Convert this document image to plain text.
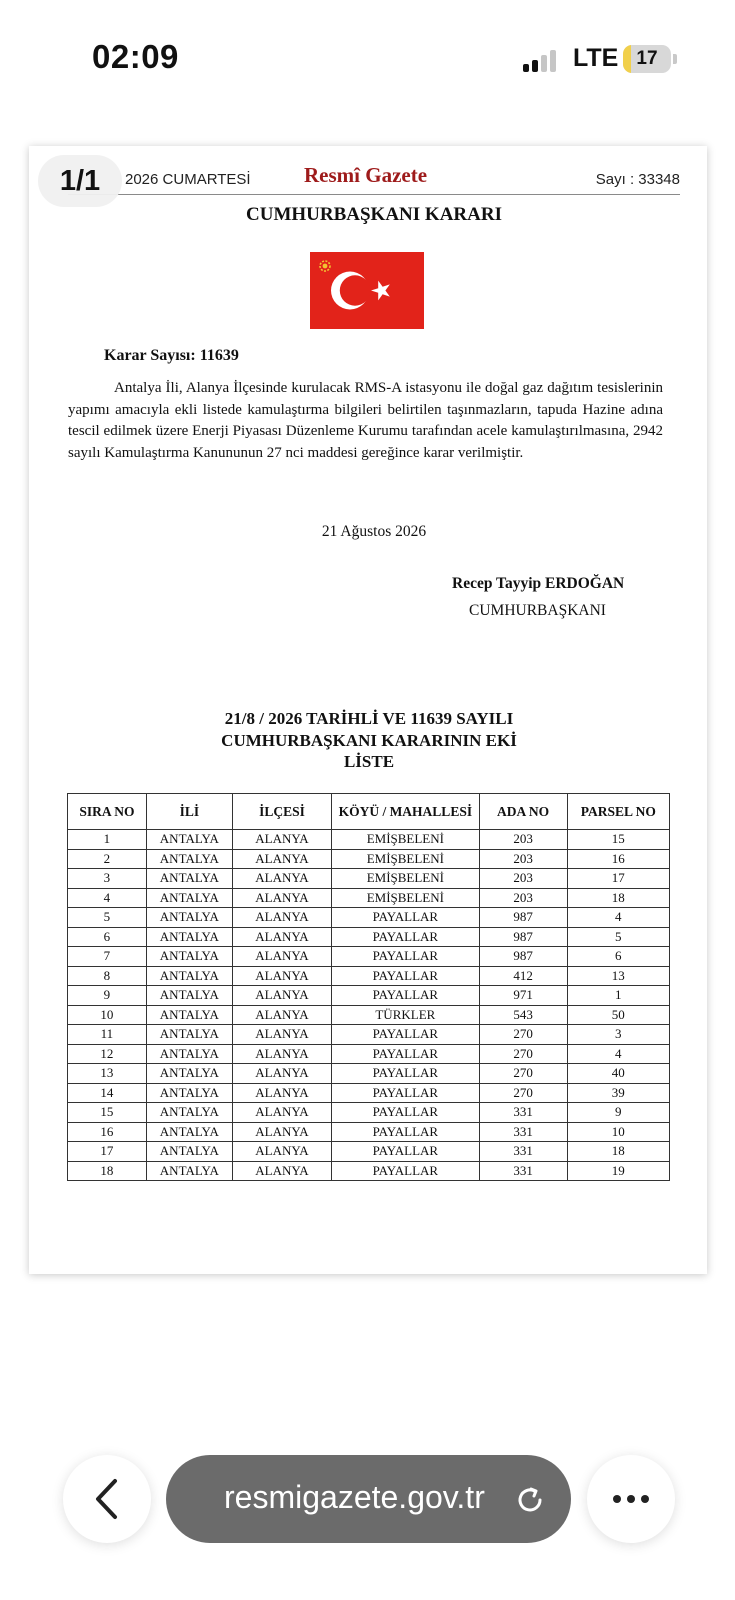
02:09	LTE 17
1/1	2026 CUMARTESİ	Resmî Gazete	Sayı : 33348
CUMHURBAŞKANI KARARI
Karar Sayısı: 11639
Antalya İli, Alanya İlçesinde kurulacak RMS-A istasyonu ile doğal gaz dağıtım tesislerinin yapımı amacıyla ekli listede kamulaştırma bilgileri belirtilen taşınmazların, tapuda Hazine adına tescil edilmek üzere Enerji Piyasası Düzenleme Kurumu tarafından acele kamulaştırılmasına, 2942 sayılı Kamulaştırma Kanununun 27 nci maddesi gereğince karar verilmiştir.
21 Ağustos 2026
Recep Tayyip ERDOĞAN
CUMHURBAŞKANI
21/8 / 2026 TARİHLİ VE 11639 SAYILI
CUMHURBAŞKANI KARARININ EKİ
LİSTE
SIRA NO	İLİ	İLÇESİ	KÖYÜ / MAHALLESİ	ADA NO	PARSEL NO
1	ANTALYA	ALANYA	EMİŞBELENİ	203	15
2	ANTALYA	ALANYA	EMİŞBELENİ	203	16
3	ANTALYA	ALANYA	EMİŞBELENİ	203	17
4	ANTALYA	ALANYA	EMİŞBELENİ	203	18
5	ANTALYA	ALANYA	PAYALLAR	987	4
6	ANTALYA	ALANYA	PAYALLAR	987	5
7	ANTALYA	ALANYA	PAYALLAR	987	6
8	ANTALYA	ALANYA	PAYALLAR	412	13
9	ANTALYA	ALANYA	PAYALLAR	971	1
10	ANTALYA	ALANYA	TÜRKLER	543	50
11	ANTALYA	ALANYA	PAYALLAR	270	3
12	ANTALYA	ALANYA	PAYALLAR	270	4
13	ANTALYA	ALANYA	PAYALLAR	270	40
14	ANTALYA	ALANYA	PAYALLAR	270	39
15	ANTALYA	ALANYA	PAYALLAR	331	9
16	ANTALYA	ALANYA	PAYALLAR	331	10
17	ANTALYA	ALANYA	PAYALLAR	331	18
18	ANTALYA	ALANYA	PAYALLAR	331	19
resmigazete.gov.tr
